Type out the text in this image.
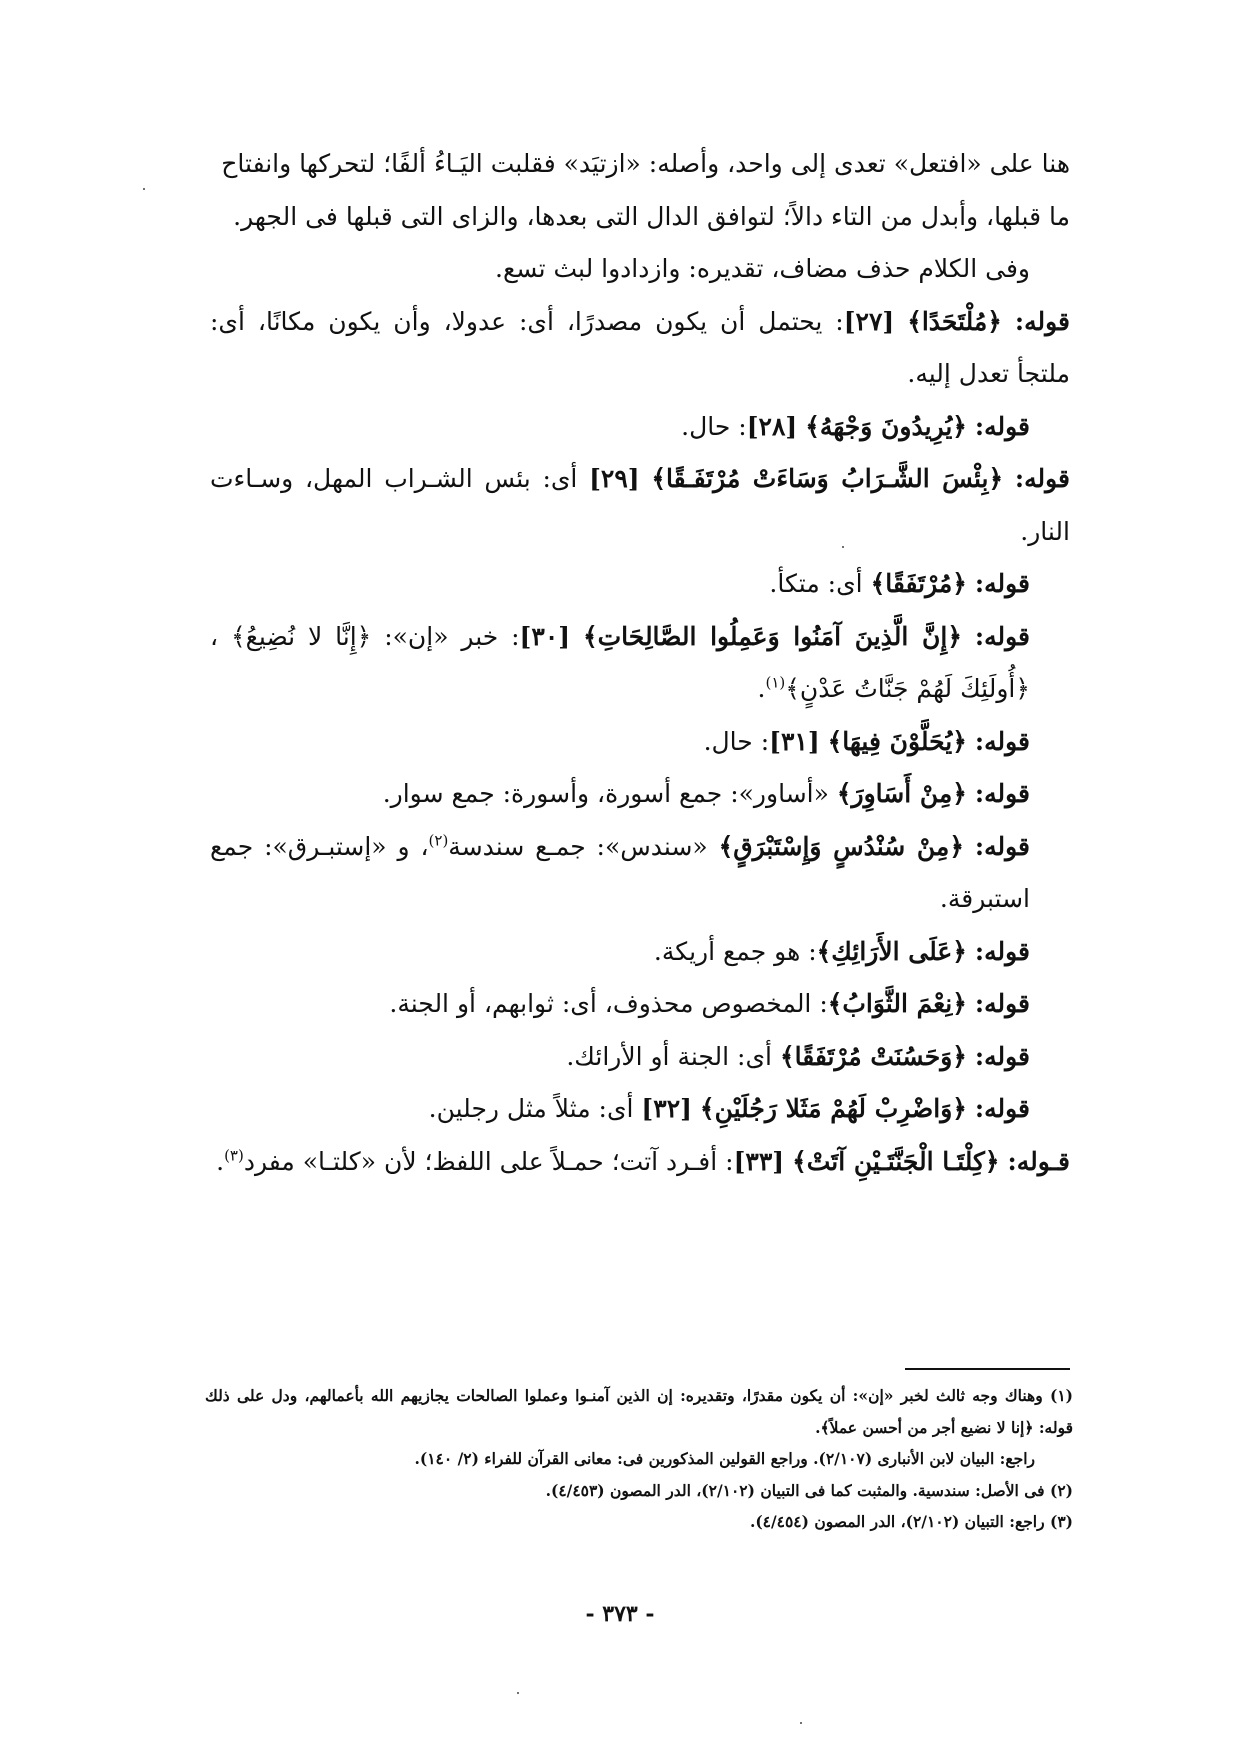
هنا على «افتعل» تعدى إلى واحد، وأصله: «ازتيَد» فقلبت اليَـاءُ ألفًا؛ لتحركها وانفتاح

ما قبلها، وأبدل من التاء دالاً؛ لتوافق الدال التى بعدها، والزاى التى قبلها فى الجهر.

وفى الكلام حذف مضاف، تقديره: وازدادوا لبث تسع.

قوله: ﴿مُلْتَحَدًا﴾ [٢٧]: يحتمل أن يكون مصدرًا، أى: عدولا، وأن يكون مكانًا، أى: ملتجأ تعدل إليه.

قوله: ﴿يُرِيدُونَ وَجْهَهُ﴾ [٢٨]: حال.

قوله: ﴿بِئْسَ الشَّـرَابُ وَسَاءَتْ مُرْتَفَـقًا﴾ [٢٩] أى: بئس الشـراب المهل، وسـاءت النار.

قوله: ﴿مُرْتَفَقًا﴾ أى: متكأ.

قوله: ﴿إِنَّ الَّذِينَ آمَنُوا وَعَمِلُوا الصَّالِحَاتِ﴾ [٣٠]: خبر «إن»: ﴿إِنَّا لا نُضِيعُ﴾ ، ﴿أُولَئِكَ لَهُمْ جَنَّاتُ عَدْنٍ﴾$^{(١)}$.

قوله: ﴿يُحَلَّوْنَ فِيهَا﴾ [٣١]: حال.

قوله: ﴿مِنْ أَسَاوِرَ﴾ «أساور»: جمع أسورة، وأسورة: جمع سوار.

قوله: ﴿مِنْ سُنْدُسٍ وَإِسْتَبْرَقٍ﴾ «سندس»: جمـع سندسة$^{(٢)}$، و «إستبـرق»: جمع استبرقة.

قوله: ﴿عَلَى الأَرَائِكِ﴾: هو جمع أريكة.

قوله: ﴿نِعْمَ الثَّوَابُ﴾: المخصوص محذوف، أى: ثوابهم، أو الجنة.

قوله: ﴿وَحَسُنَتْ مُرْتَفَقًا﴾ أى: الجنة أو الأرائك.

قوله: ﴿وَاضْرِبْ لَهُمْ مَثَلا رَجُلَيْنِ﴾ [٣٢] أى: مثلاً مثل رجلين.

قـوله: ﴿كِلْتَـا الْجَنَّتَـيْنِ آتَتْ﴾ [٣٣]: أفـرد آتت؛ حمـلاً على اللفظ؛ لأن «كلتـا» مفرد$^{(٣)}$.

(١) وهناك وجه ثالث لخبر «إن»: أن يكون مقدرًا، وتقديره: إن الذين آمنـوا وعملوا الصالحات يجازيهم الله بأعمالهم، ودل على ذلك قوله: ﴿إنا لا نضيع أجر من أحسن عملاً﴾.

راجع: البيان لابن الأنبارى (٢/١٠٧). وراجع القولين المذكورين فى: معانى القرآن للفراء (٢/ ١٤٠).

(٢) فى الأصل: سندسية. والمثبت كما فى التبيان (٢/١٠٢)، الدر المصون (٤/٤٥٣).

(٣) راجع: التبيان (٢/١٠٢)، الدر المصون (٤/٤٥٤).

- ٣٧٣ -
